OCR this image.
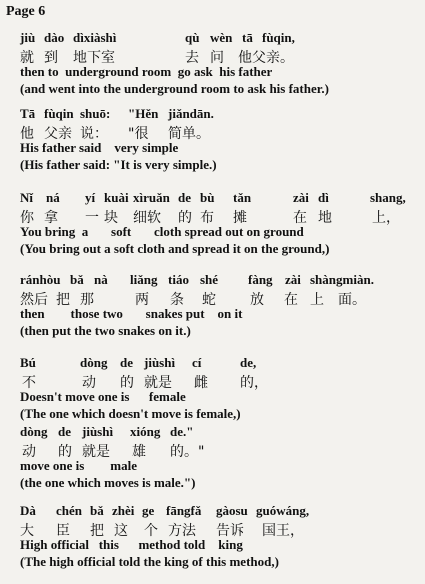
Page 6
jiù dào dìxiàshì	qù wèn tā fùqin,
就 到 地下室	去 问 他父亲。
then to  underground room  go ask  his father
(and went into the underground room to ask his father.)
Tā fùqin shuō: "Hěn jiǎndān.
他 父亲 说： "很 简单。
His father said    very simple
(His father said: "It is very simple.)
Nǐ ná yí kuài xìruǎn de bù tǎn	zài dì	shang,
你 拿 一 块 细软 的 布 摊	在 地	上，
You bring  a       soft       cloth spread out on ground
(You bring out a soft cloth and spread it on the ground,)
ránhòu bǎ nà liǎng tiáo shé fàng zài shàngmiàn.
然后 把 那	两 条 蛇 放 在 上 面。
then        those two       snakes put    on it
(then put the two snakes on it.)
Bú	dòng de jiùshì cí	de,
不	动 的 就是 雌 的，
Doesn't move one is      female
(The one which doesn't move is female,)
dòng de jiùshì xióng de."
动 的 就是 雄 的。"
move one is        male
(the one which moves is male.")
Dà chén bǎ zhèi ge fāngfǎ gàosu guówáng,
大 臣 把 这 个 方法 告诉 国王，
High official   this      method told    king
(The high official told the king of this method,)
